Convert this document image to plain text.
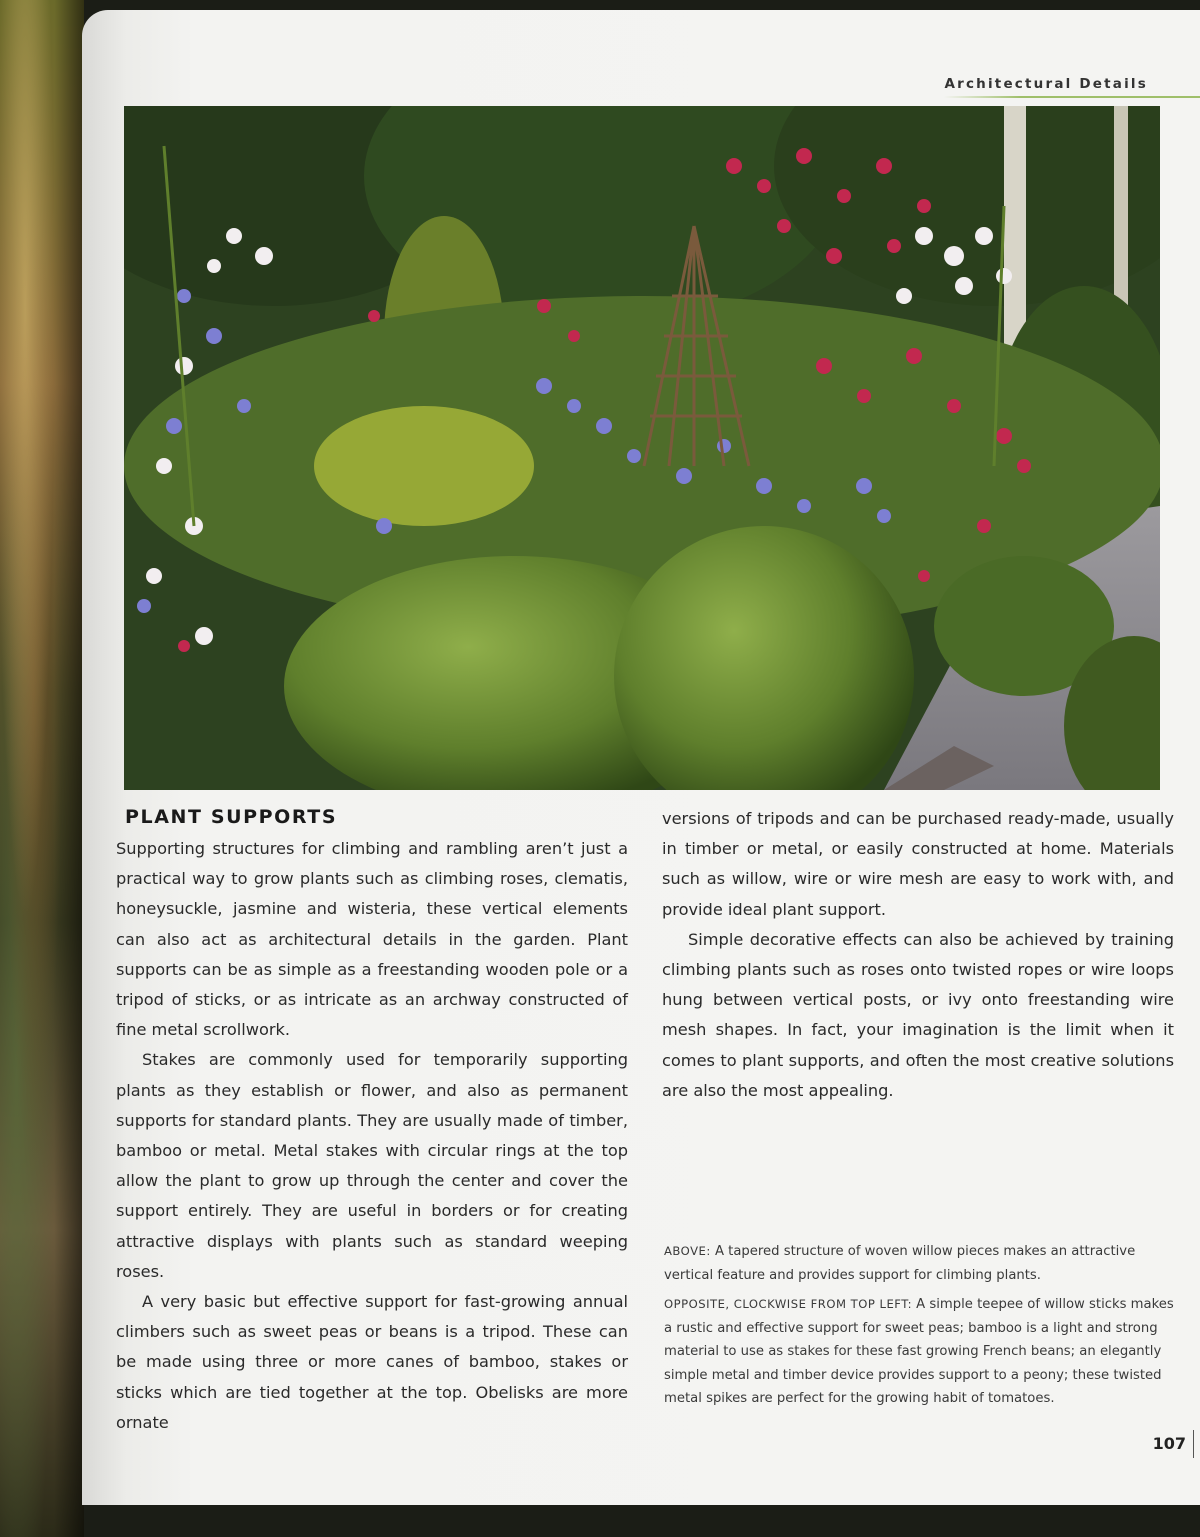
Architectural Details
PLANT SUPPORTS

Supporting structures for climbing and rambling aren’t just a practical way to grow plants such as climbing roses, clematis, honeysuckle, jasmine and wisteria, these vertical elements can also act as architectural details in the garden. Plant supports can be as simple as a freestanding wooden pole or a tripod of sticks, or as intricate as an archway constructed of fine metal scrollwork.

Stakes are commonly used for temporarily supporting plants as they establish or flower, and also as permanent supports for standard plants. They are usually made of timber, bamboo or metal. Metal stakes with circular rings at the top allow the plant to grow up through the center and cover the support entirely. They are useful in borders or for creating attractive displays with plants such as standard weeping roses.

A very basic but effective support for fast-growing annual climbers such as sweet peas or beans is a tripod. These can be made using three or more canes of bamboo, stakes or sticks which are tied together at the top. Obelisks are more ornate

versions of tripods and can be purchased ready-made, usually in timber or metal, or easily constructed at home. Materials such as willow, wire or wire mesh are easy to work with, and provide ideal plant support.

Simple decorative effects can also be achieved by training climbing plants such as roses onto twisted ropes or wire loops hung between vertical posts, or ivy onto freestanding wire mesh shapes. In fact, your imagination is the limit when it comes to plant supports, and often the most creative solutions are also the most appealing.

ABOVE: A tapered structure of woven willow pieces makes an attractive vertical feature and provides support for climbing plants.

OPPOSITE, CLOCKWISE FROM TOP LEFT: A simple teepee of willow sticks makes a rustic and effective support for sweet peas; bamboo is a light and strong material to use as stakes for these fast growing French beans; an elegantly simple metal and timber device provides support to a peony; these twisted metal spikes are perfect for the growing habit of tomatoes.

107
